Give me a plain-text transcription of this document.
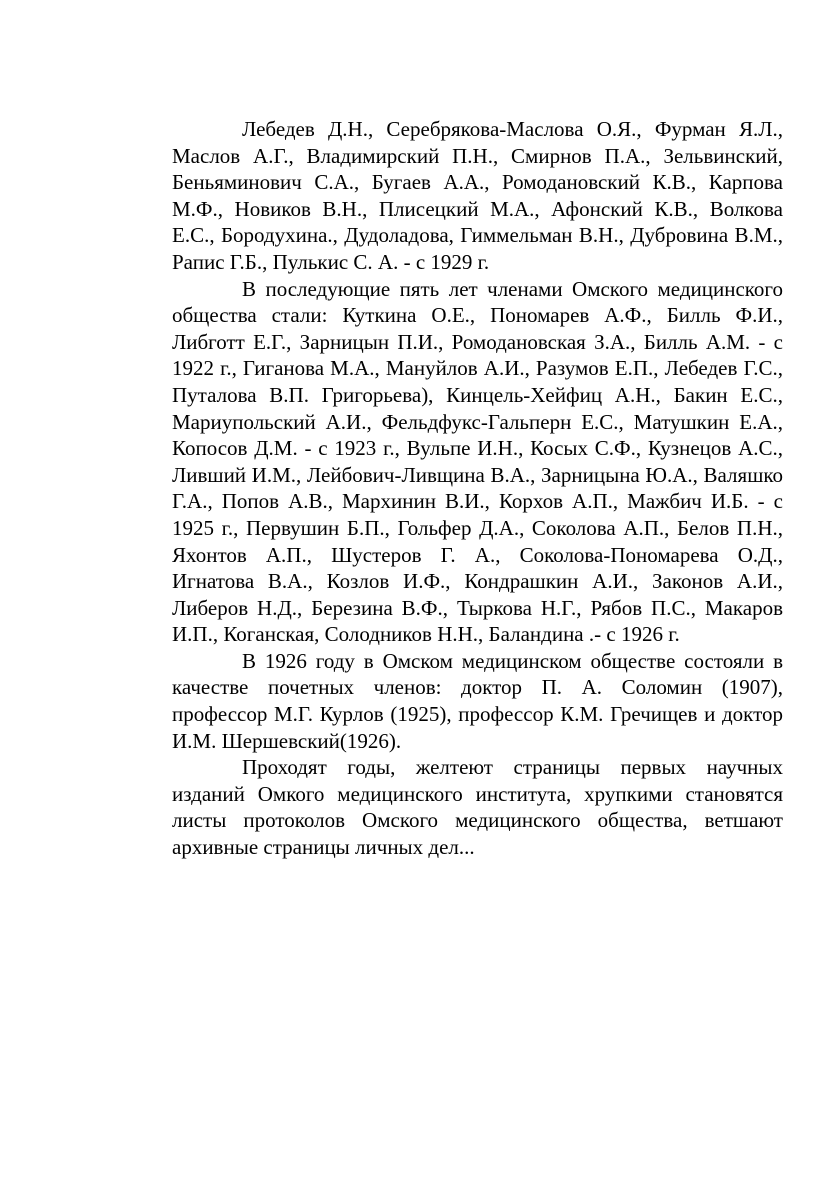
Лебедев Д.Н., Серебрякова-Маслова О.Я., Фурман Я.Л., Маслов А.Г., Владимирский П.Н., Смирнов П.А., Зельвинский, Беньяминович С.А., Бугаев А.А., Ромодановский К.В., Карпова М.Ф., Новиков В.Н., Плисецкий М.А., Афонский К.В., Волкова Е.С., Бородухина., Дудоладова, Гиммельман В.Н., Дубровина В.М., Рапис Г.Б., Пулькис С. А. - с 1929 г.

В последующие пять лет членами Омского медицинского общества стали: Куткина О.Е., Пономарев А.Ф., Билль Ф.И., Либготт Е.Г., Зарницын П.И., Ромодановская З.А., Билль А.М. - с 1922 г., Гиганова М.А., Мануйлов А.И., Разумов Е.П., Лебедев Г.С., Путалова В.П. Григорьева), Кинцель-Хейфиц А.Н., Бакин Е.С., Мариупольский А.И., Фельдфукс-Гальперн Е.С., Матушкин Е.А., Копосов Д.М. - с 1923 г., Вульпе И.Н., Косых С.Ф., Кузнецов А.С., Ливший И.М., Лейбович-Ливщина В.А., Зарницына Ю.А., Валяшко Г.А., Попов А.В., Мархинин В.И., Корхов А.П., Мажбич И.Б. - с 1925 г., Первушин Б.П., Гольфер Д.А., Соколова А.П., Белов П.Н., Яхонтов А.П., Шустеров Г. А., Соколова-Пономарева О.Д., Игнатова В.А., Козлов И.Ф., Кондрашкин А.И., Законов А.И., Либеров Н.Д., Березина В.Ф., Тыркова Н.Г., Рябов П.С., Макаров И.П., Коганская, Солодников Н.Н., Баландина .- с 1926 г.

В 1926 году в Омском медицинском обществе состояли в качестве почетных членов: доктор П. А. Соломин (1907), профессор М.Г. Курлов (1925), профессор К.М. Гречищев и доктор И.М. Шершевский(1926).

Проходят годы, желтеют страницы первых научных изданий Омкого медицинского института, хрупкими становятся листы протоколов Омского медицинского общества, ветшают архивные страницы личных дел...
